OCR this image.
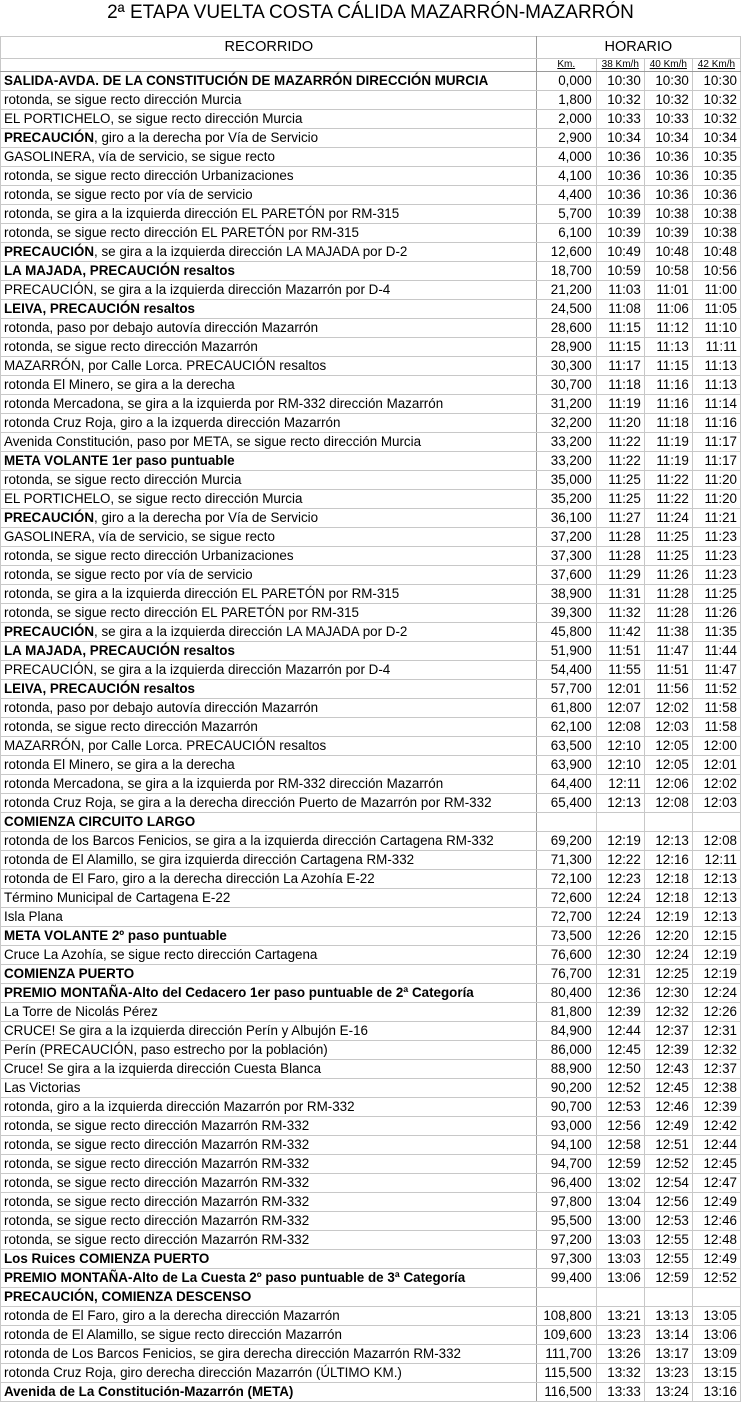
2ª ETAPA VUELTA COSTA CÁLIDA MAZARRÓN-MAZARRÓN				

RECORRIDO	HORARIO			
	Km.	38 Km/h	40 Km/h	42 Km/h
SALIDA-AVDA. DE LA CONSTITUCIÓN DE MAZARRÓN DIRECCIÓN MURCIA	0,000	10:30	10:30	10:30
rotonda, se sigue recto dirección Murcia	1,800	10:32	10:32	10:32
EL PORTICHELO, se sigue recto dirección Murcia	2,000	10:33	10:33	10:32
PRECAUCIÓN, giro a la derecha por Vía de Servicio	2,900	10:34	10:34	10:34
GASOLINERA, vía de servicio, se sigue recto	4,000	10:36	10:36	10:35
rotonda, se sigue recto dirección Urbanizaciones	4,100	10:36	10:36	10:35
rotonda, se sigue recto por vía de servicio	4,400	10:36	10:36	10:36
rotonda, se gira a la izquierda dirección EL PARETÓN por RM-315	5,700	10:39	10:38	10:38
rotonda, se sigue recto dirección EL PARETÓN por RM-315	6,100	10:39	10:39	10:38
PRECAUCIÓN, se gira a la izquierda dirección LA MAJADA por D-2	12,600	10:49	10:48	10:48
LA MAJADA, PRECAUCIÓN resaltos	18,700	10:59	10:58	10:56
PRECAUCIÓN, se gira a la izquierda dirección Mazarrón por D-4	21,200	11:03	11:01	11:00
LEIVA, PRECAUCIÓN resaltos	24,500	11:08	11:06	11:05
rotonda, paso por debajo autovía dirección Mazarrón	28,600	11:15	11:12	11:10
rotonda, se sigue recto dirección Mazarrón	28,900	11:15	11:13	11:11
MAZARRÓN, por Calle Lorca. PRECAUCIÓN resaltos	30,300	11:17	11:15	11:13
rotonda El Minero, se gira a la derecha	30,700	11:18	11:16	11:13
rotonda Mercadona, se gira a la izquierda por RM-332 dirección Mazarrón	31,200	11:19	11:16	11:14
rotonda Cruz Roja, giro a la izquerda dirección Mazarrón	32,200	11:20	11:18	11:16
Avenida Constitución, paso por META, se sigue recto dirección Murcia	33,200	11:22	11:19	11:17
META VOLANTE 1er paso puntuable	33,200	11:22	11:19	11:17
rotonda, se sigue recto dirección Murcia	35,000	11:25	11:22	11:20
EL PORTICHELO, se sigue recto dirección Murcia	35,200	11:25	11:22	11:20
PRECAUCIÓN, giro a la derecha por Vía de Servicio	36,100	11:27	11:24	11:21
GASOLINERA, vía de servicio, se sigue recto	37,200	11:28	11:25	11:23
rotonda, se sigue recto dirección Urbanizaciones	37,300	11:28	11:25	11:23
rotonda, se sigue recto por vía de servicio	37,600	11:29	11:26	11:23
rotonda, se gira a la izquierda dirección EL PARETÓN por RM-315	38,900	11:31	11:28	11:25
rotonda, se sigue recto dirección EL PARETÓN por RM-315	39,300	11:32	11:28	11:26
PRECAUCIÓN, se gira a la izquierda dirección LA MAJADA por D-2	45,800	11:42	11:38	11:35
LA MAJADA, PRECAUCIÓN resaltos	51,900	11:51	11:47	11:44
PRECAUCIÓN, se gira a la izquierda dirección Mazarrón por D-4	54,400	11:55	11:51	11:47
LEIVA, PRECAUCIÓN resaltos	57,700	12:01	11:56	11:52
rotonda, paso por debajo autovía dirección Mazarrón	61,800	12:07	12:02	11:58
rotonda, se sigue recto dirección Mazarrón	62,100	12:08	12:03	11:58
MAZARRÓN, por Calle Lorca. PRECAUCIÓN resaltos	63,500	12:10	12:05	12:00
rotonda El Minero, se gira a la derecha	63,900	12:10	12:05	12:01
rotonda Mercadona, se gira a la izquierda por RM-332 dirección Mazarrón	64,400	12:11	12:06	12:02
rotonda Cruz Roja, se gira a la derecha dirección Puerto de Mazarrón por RM-332	65,400	12:13	12:08	12:03
COMIENZA CIRCUITO LARGO				
rotonda de los Barcos Fenicios, se gira a la izquierda dirección Cartagena RM-332	69,200	12:19	12:13	12:08
rotonda de El Alamillo, se gira izquierda dirección Cartagena RM-332	71,300	12:22	12:16	12:11
rotonda de El Faro, giro a la derecha dirección La Azohía E-22	72,100	12:23	12:18	12:13
Término Municipal de Cartagena E-22	72,600	12:24	12:18	12:13
Isla Plana	72,700	12:24	12:19	12:13
META VOLANTE 2º paso puntuable	73,500	12:26	12:20	12:15
Cruce La Azohía, se sigue recto dirección Cartagena	76,600	12:30	12:24	12:19
COMIENZA PUERTO	76,700	12:31	12:25	12:19
PREMIO MONTAÑA-Alto del Cedacero 1er paso puntuable de 2ª Categoría	80,400	12:36	12:30	12:24
La Torre de Nicolás Pérez	81,800	12:39	12:32	12:26
CRUCE! Se gira a la izquierda dirección Perín y Albujón E-16	84,900	12:44	12:37	12:31
Perín (PRECAUCIÓN, paso estrecho por la población)	86,000	12:45	12:39	12:32
Cruce! Se gira a la izquierda dirección Cuesta Blanca	88,900	12:50	12:43	12:37
Las Victorias	90,200	12:52	12:45	12:38
rotonda, giro a la izquierda dirección Mazarrón por RM-332	90,700	12:53	12:46	12:39
rotonda, se sigue recto dirección Mazarrón RM-332	93,000	12:56	12:49	12:42
rotonda, se sigue recto dirección Mazarrón RM-332	94,100	12:58	12:51	12:44
rotonda, se sigue recto dirección Mazarrón RM-332	94,700	12:59	12:52	12:45
rotonda, se sigue recto dirección Mazarrón RM-332	96,400	13:02	12:54	12:47
rotonda, se sigue recto dirección Mazarrón RM-332	97,800	13:04	12:56	12:49
rotonda, se sigue recto dirección Mazarrón RM-332	95,500	13:00	12:53	12:46
rotonda, se sigue recto dirección Mazarrón RM-332	97,200	13:03	12:55	12:48
Los Ruices COMIENZA PUERTO	97,300	13:03	12:55	12:49
PREMIO MONTAÑA-Alto de La Cuesta 2º paso puntuable de 3ª Categoría	99,400	13:06	12:59	12:52
PRECAUCIÓN, COMIENZA DESCENSO				
rotonda de El Faro, giro a la derecha dirección Mazarrón	108,800	13:21	13:13	13:05
rotonda de El Alamillo, se sigue recto dirección Mazarrón	109,600	13:23	13:14	13:06
rotonda de Los Barcos Fenicios, se gira derecha dirección Mazarrón RM-332	111,700	13:26	13:17	13:09
rotonda Cruz Roja, giro derecha dirección Mazarrón (ÚLTIMO KM.)	115,500	13:32	13:23	13:15
Avenida de La Constitución-Mazarrón (META)	116,500	13:33	13:24	13:16
